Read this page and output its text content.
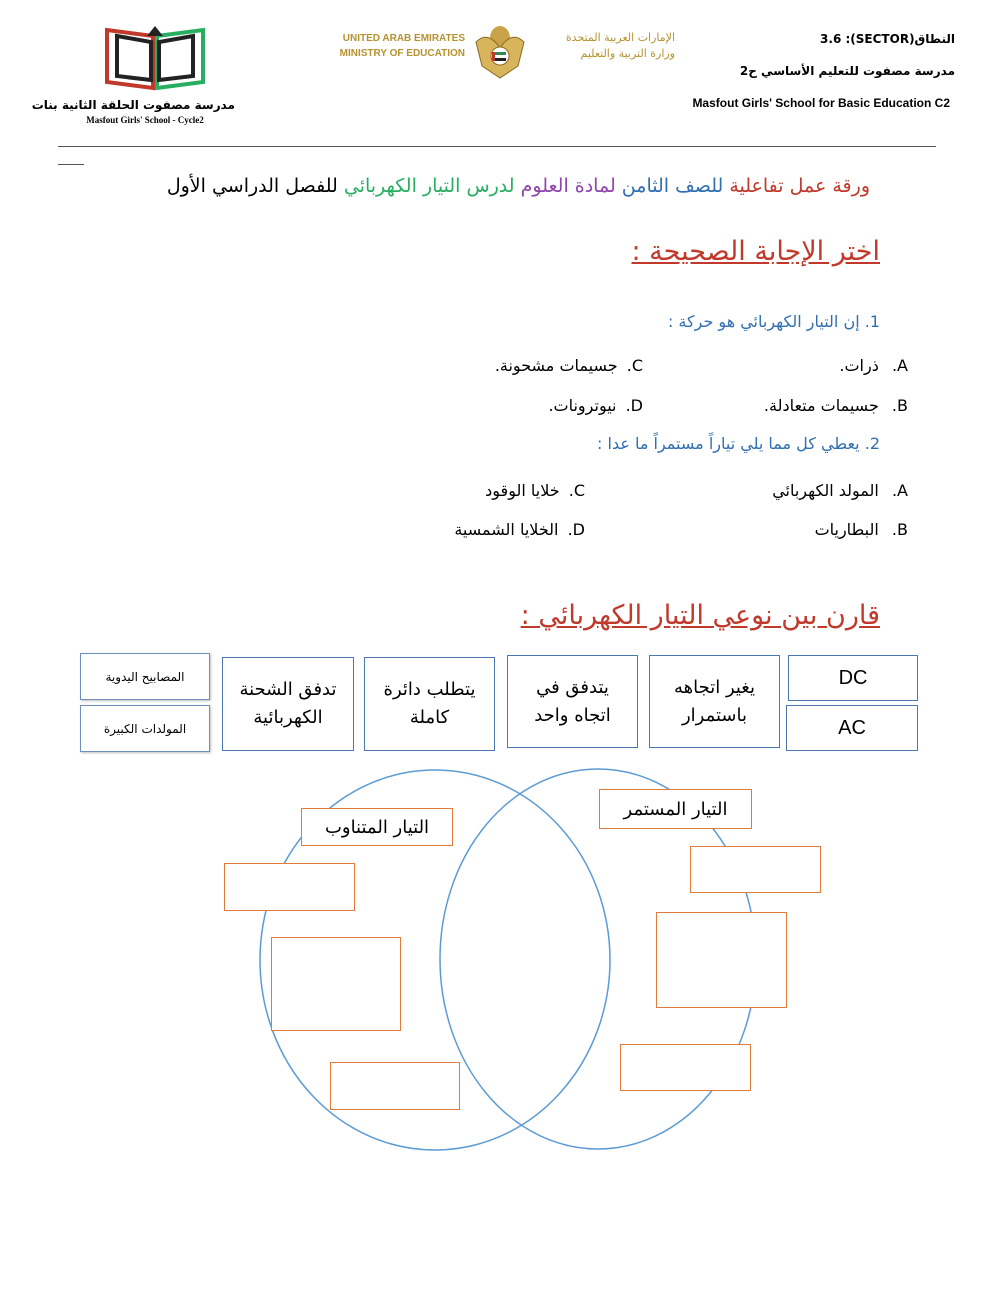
مدرسة مصفوت الحلقة الثانية بنات
Masfout Girls' School - Cycle2
UNITED ARAB EMIRATES
MINISTRY OF EDUCATION
الإمارات العربية المتحدة
وزارة التربية والتعليم
النطاق(SECTOR): 3.6
مدرسة مصفوت للتعليم الأساسي ح2
Masfout Girls' School for Basic Education C2
ورقة عمل تفاعلية للصف الثامن لمادة العلوم لدرس التيار الكهربائي للفصل الدراسي الأول
اختر الإجابة الصحيحة :
1. إن التيار الكهربائي هو حركة :
A. ذرات.
C. جسيمات مشحونة.
B. جسيمات متعادلة.
D. نيوترونات.
2. يعطي كل مما يلي تياراً مستمراً ما عدا :
A. المولد الكهربائي
C. خلايا الوقود
B. البطاريات
D. الخلايا الشمسية
قارن بين نوعي التيار الكهربائي :
DC
AC
يغير اتجاهه باستمرار
يتدفق في اتجاه واحد
يتطلب دائرة كاملة
تدفق الشحنة الكهربائية
المصابيح اليدوية
المولدات الكبيرة
التيار المتناوب
التيار المستمر
